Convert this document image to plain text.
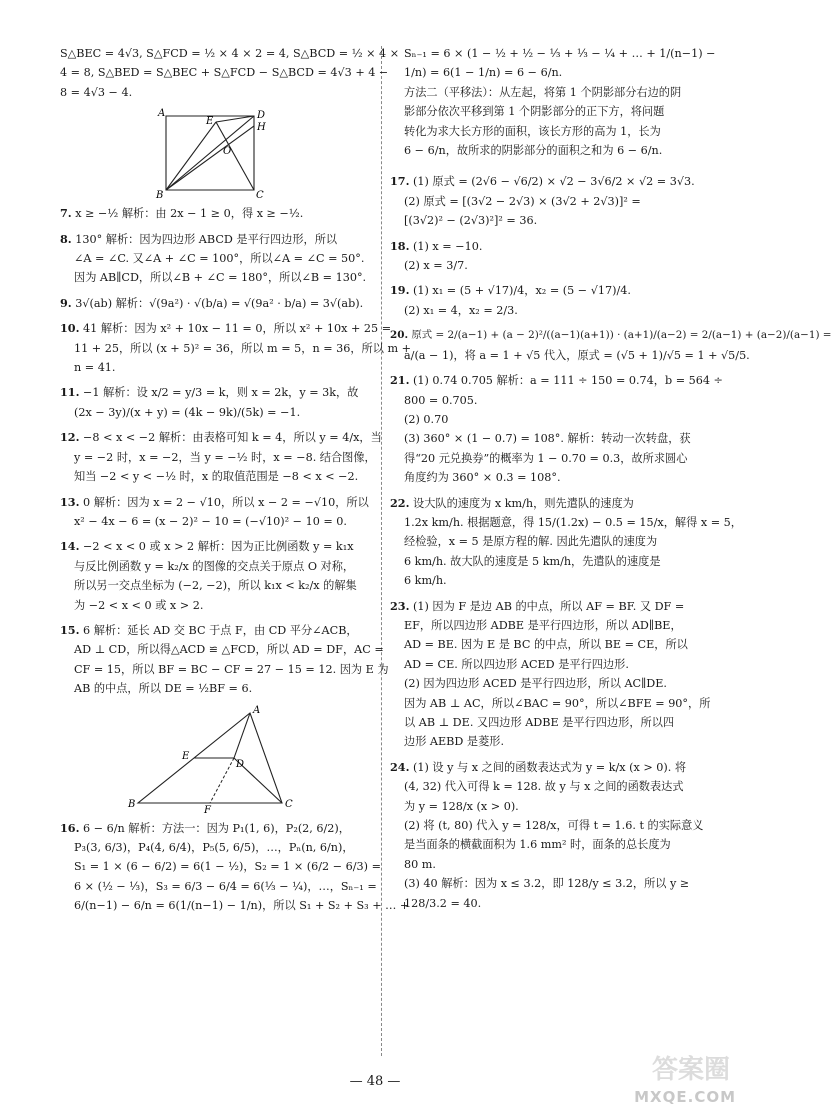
S△BEC = 4√3, S△FCD = ½ × 4 × 2 = 4, S△BCD = ½ × 4 ×
4 = 8, S△BED = S△BEC + S△FCD − S△BCD = 4√3 + 4 −
8 = 4√3 − 4.
A
E
D
H
O
B	C
7. x ≥ −½ 解析：由 2x − 1 ≥ 0，得 x ≥ −½.
8. 130° 解析：因为四边形 ABCD 是平行四边形，所以
∠A = ∠C. 又∠A + ∠C = 100°，所以∠A = ∠C = 50°.
因为 AB∥CD，所以∠B + ∠C = 180°，所以∠B = 130°.
9. 3√(ab) 解析：√(9a²) · √(b/a) = √(9a² · b/a) = 3√(ab).
10. 41 解析：因为 x² + 10x − 11 = 0，所以 x² + 10x + 25 =
11 + 25，所以 (x + 5)² = 36，所以 m = 5，n = 36，所以 m +
n = 41.
11. −1 解析：设 x/2 = y/3 = k，则 x = 2k，y = 3k，故
(2x − 3y)/(x + y) = (4k − 9k)/(5k) = −1.
12. −8 < x < −2 解析：由表格可知 k = 4，所以 y = 4/x，当
y = −2 时，x = −2，当 y = −½ 时，x = −8. 结合图像，
知当 −2 < y < −½ 时，x 的取值范围是 −8 < x < −2.
13. 0 解析：因为 x = 2 − √10，所以 x − 2 = −√10，所以
x² − 4x − 6 = (x − 2)² − 10 = (−√10)² − 10 = 0.
14. −2 < x < 0 或 x > 2 解析：因为正比例函数 y = k₁x
与反比例函数 y = k₂/x 的图像的交点关于原点 O 对称，
所以另一交点坐标为 (−2, −2)，所以 k₁x < k₂/x 的解集
为 −2 < x < 0 或 x > 2.
15. 6 解析：延长 AD 交 BC 于点 F，由 CD 平分∠ACB，
AD ⊥ CD，所以得△ACD ≌ △FCD，所以 AD = DF，AC =
CF = 15，所以 BF = BC − CF = 27 − 15 = 12. 因为 E 为
AB 的中点，所以 DE = ½BF = 6.
A
E
D
B
F
C
16. 6 − 6/n 解析：方法一：因为 P₁(1, 6)，P₂(2, 6/2)，
P₃(3, 6/3)，P₄(4, 6/4)，P₅(5, 6/5)，…，Pₙ(n, 6/n)，
S₁ = 1 × (6 − 6/2) = 6(1 − ½)，S₂ = 1 × (6/2 − 6/3) =
6 × (½ − ⅓)，S₃ = 6/3 − 6/4 = 6(⅓ − ¼)，…，Sₙ₋₁ =
6/(n−1) − 6/n = 6(1/(n−1) − 1/n)，所以 S₁ + S₂ + S₃ + … +
Sₙ₋₁ = 6 × (1 − ½ + ½ − ⅓ + ⅓ − ¼ + … + 1/(n−1) −
1/n) = 6(1 − 1/n) = 6 − 6/n.
方法二（平移法）：从左起，将第 1 个阴影部分右边的阴
影部分依次平移到第 1 个阴影部分的正下方，将问题
转化为求大长方形的面积，该长方形的高为 1，长为
6 − 6/n，故所求的阴影部分的面积之和为 6 − 6/n.
17. (1) 原式 = (2√6 − √6/2) × √2 − 3√6/2 × √2 = 3√3.
(2) 原式 = [(3√2 − 2√3) × (3√2 + 2√3)]² =
[(3√2)² − (2√3)²]² = 36.
18. (1) x = −10.
(2) x = 3/7.
19. (1) x₁ = (5 + √17)/4，x₂ = (5 − √17)/4.
(2) x₁ = 4，x₂ = 2/3.
20. 原式 = 2/(a−1) + (a − 2)²/((a−1)(a+1)) · (a+1)/(a−2) = 2/(a−1) + (a−2)/(a−1) =
a/(a − 1)，将 a = 1 + √5 代入，原式 = (√5 + 1)/√5 = 1 + √5/5.
21. (1) 0.74 0.705 解析：a = 111 ÷ 150 = 0.74，b = 564 ÷
800 = 0.705.
(2) 0.70
(3) 360° × (1 − 0.7) = 108°. 解析：转动一次转盘，获
得“20 元兑换券”的概率为 1 − 0.70 = 0.3，故所求圆心
角度约为 360° × 0.3 = 108°.
22. 设大队的速度为 x km/h，则先遣队的速度为
1.2x km/h. 根据题意，得 15/(1.2x) − 0.5 = 15/x，解得 x = 5，
经检验，x = 5 是原方程的解. 因此先遣队的速度为
6 km/h. 故大队的速度是 5 km/h，先遣队的速度是
6 km/h.
23. (1) 因为 F 是边 AB 的中点，所以 AF = BF. 又 DF =
EF，所以四边形 ADBE 是平行四边形，所以 AD∥BE，
AD = BE. 因为 E 是 BC 的中点，所以 BE = CE，所以
AD = CE. 所以四边形 ACED 是平行四边形.
(2) 因为四边形 ACED 是平行四边形，所以 AC∥DE.
因为 AB ⊥ AC，所以∠BAC = 90°，所以∠BFE = 90°，所
以 AB ⊥ DE. 又四边形 ADBE 是平行四边形，所以四
边形 AEBD 是菱形.
24. (1) 设 y 与 x 之间的函数表达式为 y = k/x (x > 0). 将
(4, 32) 代入可得 k = 128. 故 y 与 x 之间的函数表达式
为 y = 128/x (x > 0).
(2) 将 (t, 80) 代入 y = 128/x，可得 t = 1.6. t 的实际意义
是当面条的横截面积为 1.6 mm² 时，面条的总长度为
80 m.
(3) 40 解析：因为 x ≤ 3.2，即 128/y ≤ 3.2，所以 y ≥
128/3.2 = 40.
— 48 —	答案圈
MXQE.COM
